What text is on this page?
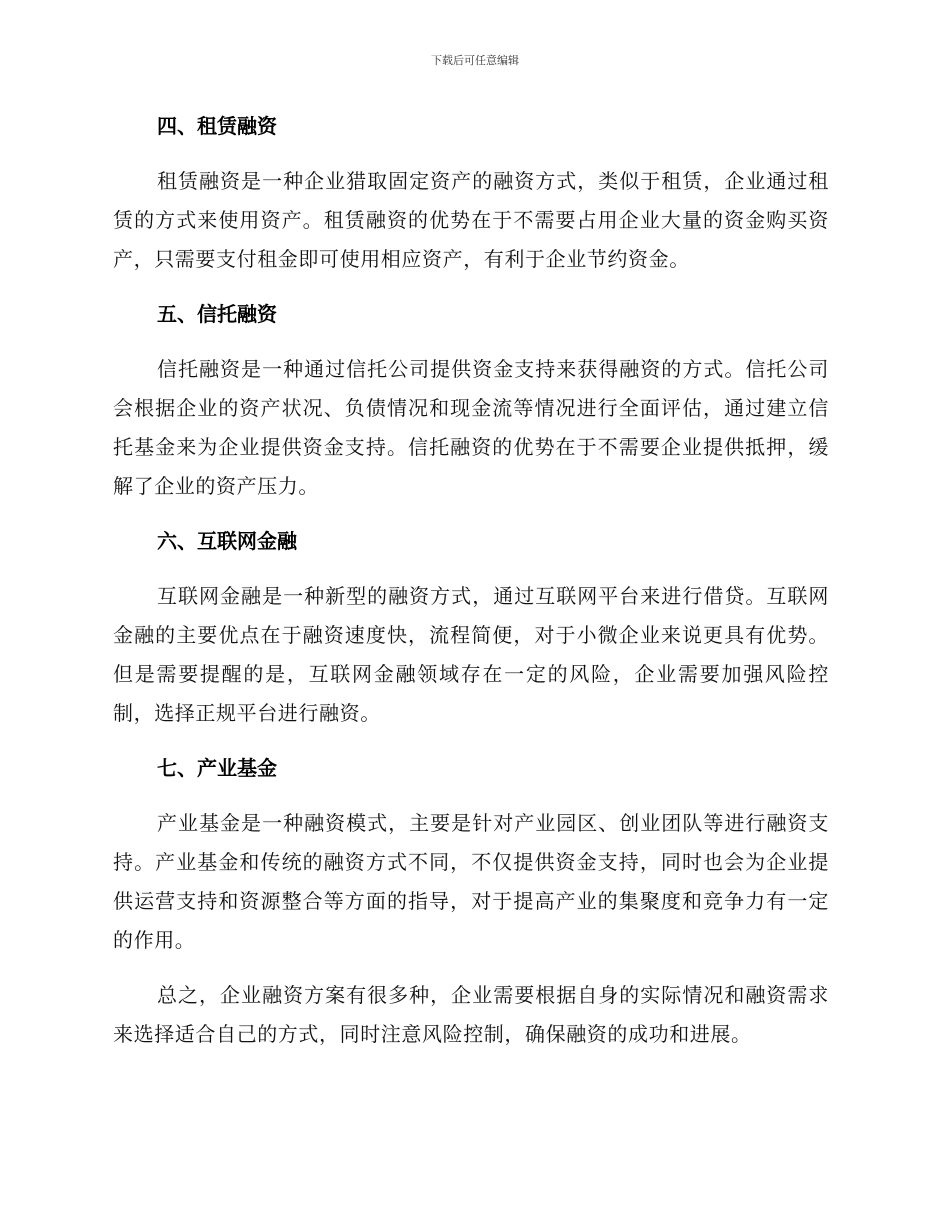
下载后可任意编辑
四、租赁融资

租赁融资是一种企业猎取固定资产的融资方式，类似于租赁，企业通过租赁的方式来使用资产。租赁融资的优势在于不需要占用企业大量的资金购买资产，只需要支付租金即可使用相应资产，有利于企业节约资金。

五、信托融资

信托融资是一种通过信托公司提供资金支持来获得融资的方式。信托公司会根据企业的资产状况、负债情况和现金流等情况进行全面评估，通过建立信托基金来为企业提供资金支持。信托融资的优势在于不需要企业提供抵押，缓解了企业的资产压力。

六、互联网金融

互联网金融是一种新型的融资方式，通过互联网平台来进行借贷。互联网金融的主要优点在于融资速度快，流程简便，对于小微企业来说更具有优势。但是需要提醒的是，互联网金融领域存在一定的风险，企业需要加强风险控制，选择正规平台进行融资。

七、产业基金

产业基金是一种融资模式，主要是针对产业园区、创业团队等进行融资支持。产业基金和传统的融资方式不同，不仅提供资金支持，同时也会为企业提供运营支持和资源整合等方面的指导，对于提高产业的集聚度和竞争力有一定的作用。

总之，企业融资方案有很多种，企业需要根据自身的实际情况和融资需求来选择适合自己的方式，同时注意风险控制，确保融资的成功和进展。
